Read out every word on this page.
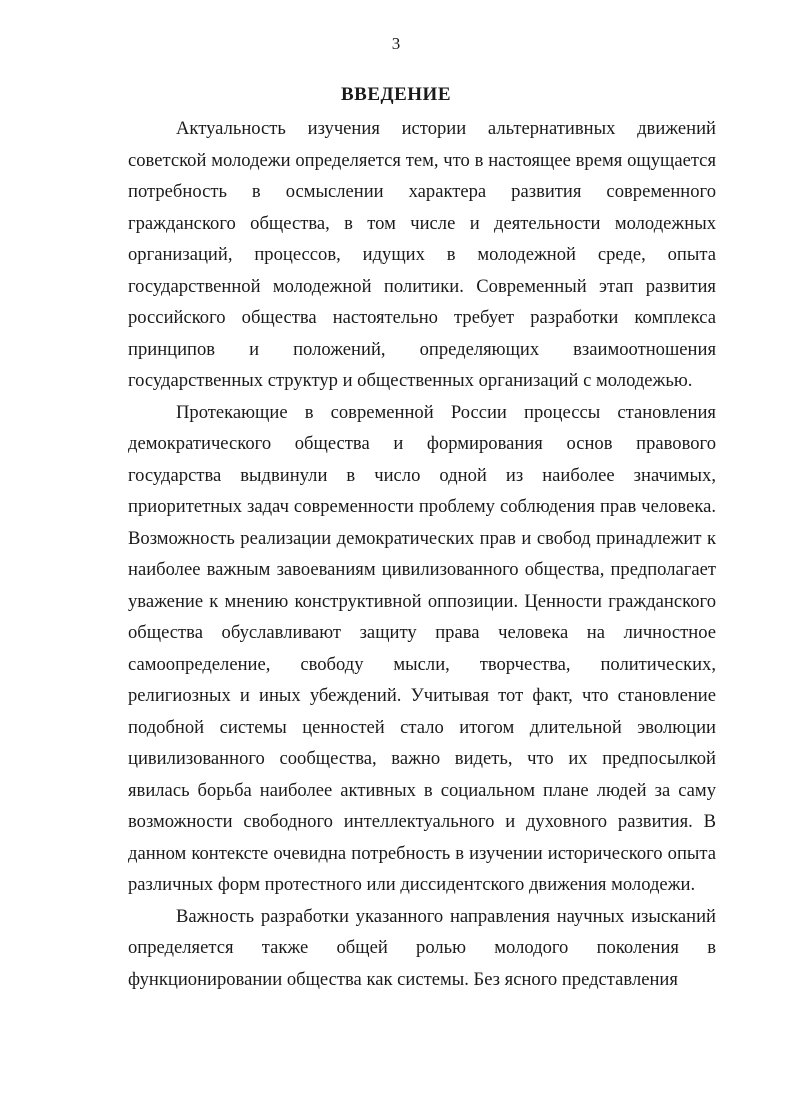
3
ВВЕДЕНИЕ

Актуальность изучения истории альтернативных движений советской молодежи определяется тем, что в настоящее время ощущается потребность в осмыслении характера развития современного гражданского общества, в том числе и деятельности молодежных организаций, процессов, идущих в молодежной среде, опыта государственной молодежной политики. Современный этап развития российского общества настоятельно требует разработки комплекса принципов и положений, определяющих взаимоотношения государственных структур и общественных организаций с молодежью.

Протекающие в современной России процессы становления демократического общества и формирования основ правового государства выдвинули в число одной из наиболее значимых, приоритетных задач современности проблему соблюдения прав человека. Возможность реализации демократических прав и свобод принадлежит к наиболее важным завоеваниям цивилизованного общества, предполагает уважение к мнению конструктивной оппозиции. Ценности гражданского общества обуславливают защиту права человека на личностное самоопределение, свободу мысли, творчества, политических, религиозных и иных убеждений. Учитывая тот факт, что становление подобной системы ценностей стало итогом длительной эволюции цивилизованного сообщества, важно видеть, что их предпосылкой явилась борьба наиболее активных в социальном плане людей за саму возможности свободного интеллектуального и духовного развития. В данном контексте очевидна потребность в изучении исторического опыта различных форм протестного или диссидентского движения молодежи.

Важность разработки указанного направления научных изысканий определяется также общей ролью молодого поколения в функционировании общества как системы. Без ясного представления
